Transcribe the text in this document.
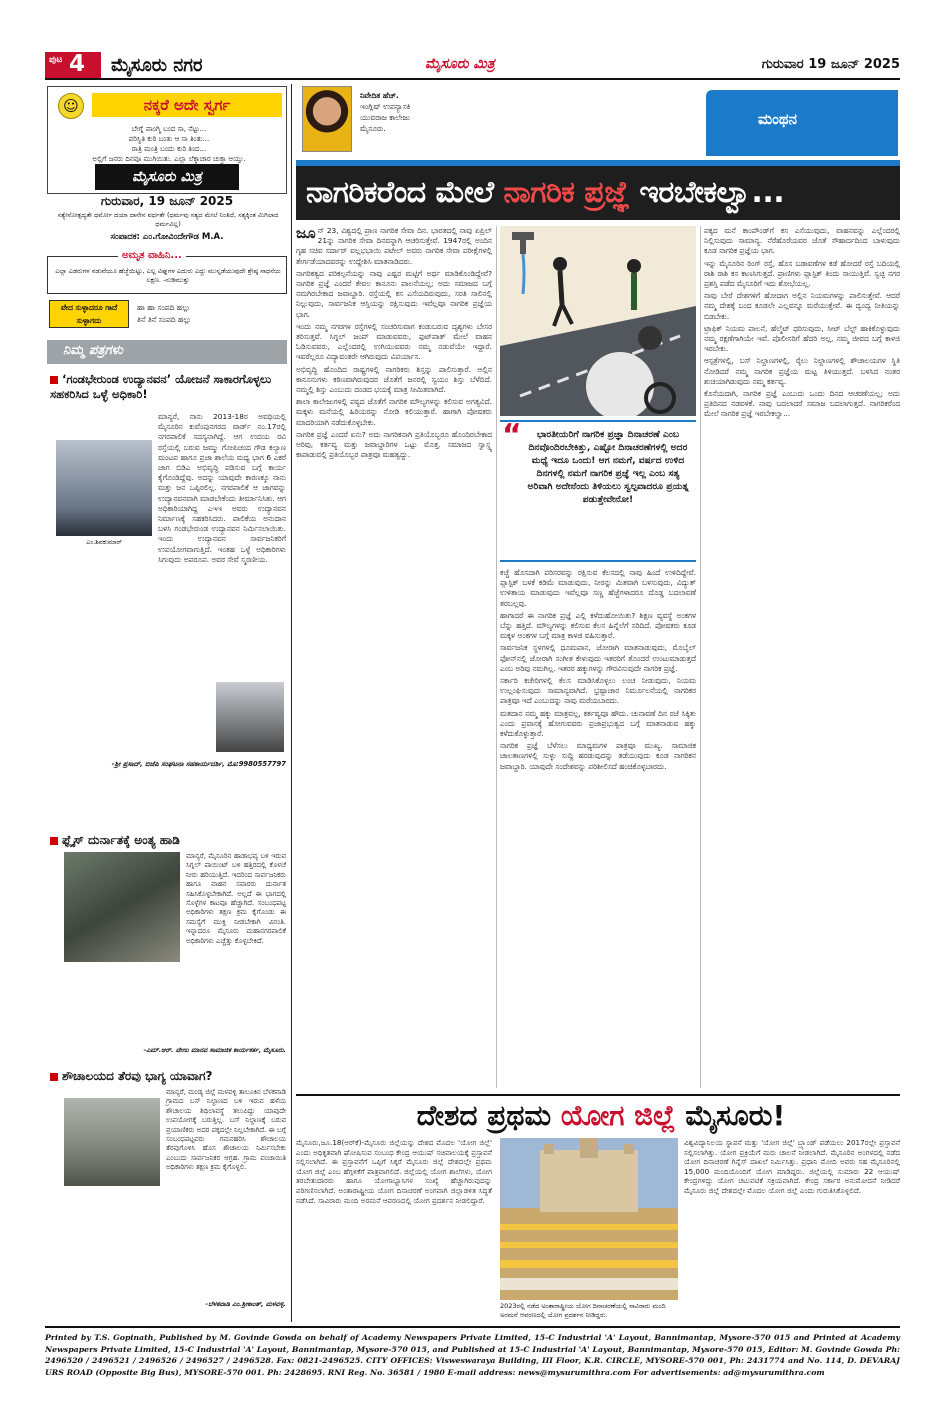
ಪುಟ 4 ಮೈಸೂರು ನಗರ	ಮೈಸೂರು ಮಿತ್ರ	ಗುರುವಾರ 19 ಜೂನ್ 2025
☺	ನಕ್ಕರೆ ಅದೇ ಸ್ವರ್ಗ
ಬೇಗ್ನೆ ಪಾಂಗ್ಮಿ ಬಂದ ಸಾ, ನೆಟ್ಟು...
ಪರಿಸ್ಥಿತಿ ಕುರಿ ಬಂತು ಆ ಸಾ ತಿಂತು...
ರಾತ್ರಿ ಮಂತ್ರಿ ಬಂದು ಕುರಿ ತಿಂದ...
ಅಲ್ಲಿಗೆ ಜನರು ದಿನವೂ ಮುಗಿಯಿತು. ಎಲ್ಲಾ ಲೆಕ್ಕಾಚಾರ ಚುಕ್ತಾ ಆಯ್ತು.
ಮೈಸೂರು ಮಿತ್ರ
ಗುರುವಾರ, 19 ಜೂನ್ 2025
ಸತ್ಯೇನೋತ್ಪದ್ಯತೇ ಧರ್ಮೋ ದಯಾ ದಾನೇನ ವರ್ಧತೇ (ಧರ್ಮವು ಸತ್ಯದ ಮೇಲೆ ನಿಂತಿದೆ, ಸತ್ಯಕ್ಕಿಂತ ಮಿಗಿಲಾದ ಧರ್ಮವಿಲ್ಲ)
ಸಂಪಾದಕ: ಎಂ.ಗೋವಿಂದೇಗೌಡ M.A.
ಅಮೃತ ವಾಹಿನಿ...
ಎಲ್ಲಾ ಎಡರುಗಳ ನಡುವೆಯೂ ಹೆಜ್ಜೆಯಿಟ್ಟು, ಎಲ್ಲ ವಿಘ್ನಗಳ ಎದುರು ಎದ್ದು ಮುನ್ನಡೆಯುವುದೇ ಶ್ರೇಷ್ಠ ಸಾಧನೆಯ ಲಕ್ಷಣ. -ನುಡಿಮುತ್ತು
ವೇದ ಸುಳ್ಳಾದರೂ ಗಾದೆ ಸುಳ್ಳಾಗದು
ಹಾ ಹಾ ಸಂಪದಿ ಹಲ್ಲು
ತಿನೆ ತಿನೆ ಸಂಪದಿ ಹಲ್ಲು
ನಿಮ್ಮ ಪತ್ರಗಳು
‘ಗಂಡಭೇರುಂಡ ಉದ್ಯಾನವನ’ ಯೋಜನೆ ಸಾಕಾರಗೊಳ್ಳಲು ಸಹಕರಿಸಿದ ಒಳ್ಳೆ ಅಧಿಕಾರಿ!
ಎಂ.ಶಿವಕುಮಾರ್

ಮಾನ್ಯರೆ, ನಾನು 2013-18ರ ಅವಧಿಯಲ್ಲಿ ಮೈಸೂರಿನ ಕುವೆಂಪುನಗರದ ವಾರ್ಡ್ ನಂ.17ರಲ್ಲಿ ನಗರಪಾಲಿಕೆ ಸದಸ್ಯನಾಗಿದ್ದೆ. ಆಗ ಉದಯ ರವಿ ರಸ್ತೆಯಲ್ಲಿ ಬರುವ ಜಮ್ಮು ಗೋಪಿಚಂದ ಗೌಡ ಕಲ್ಯಾಣ ಮಂಟಪ ಹಾಗೂ ಪ್ರಜಾ ಶಾಲೆಯ ಮಧ್ಯ ಭಾಗ 6 ಎಕರೆ ಜಾಗ ಬಿಡಿಎ ಅಭಿವೃದ್ಧಿ ಪಡಿಸುವ ಬಗ್ಗೆ ಕಾರ್ಯ ಕೈಗೊಂಡಿದ್ದೆವು. ಅದನ್ನು ಯಾವುದೇ ಕಾರಣಕ್ಕೂ ನಾನು ಮತ್ತು ಜನ ಒಪ್ಪಿರಲಿಲ್ಲ. ನಗರಪಾಲಿಕೆ ಆ ಜಾಗವನ್ನು ಉದ್ಯಾನವನವಾಗಿ ಮಾಡಬೇಕೆಂದು ತೀರ್ಮಾನಿಸಿತು. ಆಗ ಅಧಿಕಾರಿಯಾಗಿದ್ದ ಎಇಇ ಅವರು ಉದ್ಯಾನವನ ನಿರ್ಮಾಣಕ್ಕೆ ಸಹಕರಿಸಿದರು. ಪಾಲಿಕೆಯ ಅನುದಾನ ಬಳಸಿ ಗಂಡಭೇರುಂಡ ಉದ್ಯಾನವನ ನಿರ್ಮಿಸಲಾಯಿತು. ಇಂದು ಉದ್ಯಾನವನ ಸಾರ್ವಜನಿಕರಿಗೆ ಉಪಯೋಗವಾಗುತ್ತಿದೆ. ಇಂತಹ ಒಳ್ಳೆ ಅಧಿಕಾರಿಗಳು ಸಿಗುವುದು ಅಪರೂಪ. ಅವರ ಸೇವೆ ಸ್ಮರಣೀಯ.

-ಶ್ರೀ ಪ್ರಸಾದ್, ಬಿಜೆಪಿ ಸಂಘಟನಾ ಸಹಕಾರ್ಯದರ್ಶಿ, ಮೊ:9980557797
ಫ್ಲೈಸ್ ದುರ್ನಾತಕ್ಕೆ ಅಂತ್ಯ ಹಾಡಿ

ಮಾನ್ಯರೆ, ಮೈಸೂರಿನ ಹಾಡಾಭವ್ಯ ಬಳಿ ಇರುವ ಸಿಗ್ನಲ್ ಪಾಯಿಂಟ್ ಬಳಿ ಹತ್ತಿರದಲ್ಲಿ ಕೊಳಚೆ ನೀರು ಹರಿಯುತ್ತಿದೆ. ಇದರಿಂದ ಸಾರ್ವಜನಿಕರು ಹಾಗೂ ವಾಹನ ಸವಾರರು ದುರ್ನಾತ ಸಹಿಸಿಕೊಳ್ಳಬೇಕಾಗಿದೆ. ಅಲ್ಲದೆ ಈ ಭಾಗದಲ್ಲಿ ಸೊಳ್ಳೆಗಳ ಕಾಟವೂ ಹೆಚ್ಚಾಗಿದೆ. ಸಂಬಂಧಪಟ್ಟ ಅಧಿಕಾರಿಗಳು ತಕ್ಷಣ ಕ್ರಮ ಕೈಗೊಂಡು ಈ ಸಮಸ್ಯೆಗೆ ಮುಕ್ತಿ ನೀಡಬೇಕಾಗಿ ವಿನಂತಿ. ಇನ್ನಾದರೂ ಮೈಸೂರು ಮಹಾನಗರಪಾಲಿಕೆ ಅಧಿಕಾರಿಗಳು ಎಚ್ಚೆತ್ತು ಕೊಳ್ಳಬೇಕಿದೆ.

-ಎಮ್.ಆರ್. ವೇಣು ಮಾನವ ಸಾಮಾಜಿಕ ಕಾರ್ಯಕರ್ತ, ಮೈಸೂರು.
ಶೌಚಾಲಯದ ತೆರವು ಭಾಗ್ಯ ಯಾವಾಗ?

ಮಾನ್ಯರೆ, ಮಂಡ್ಯ ಜಿಲ್ಲೆ ಮಳವಳ್ಳಿ ತಾಲೂಕಿನ ಬೆಳಕವಾಡಿ ಗ್ರಾಮದ ಬಸ್ ನಿಲ್ದಾಣದ ಬಳಿ ಇರುವ ಹಳೆಯ ಶೌಚಾಲಯ ಶಿಥಿಲಾವಸ್ಥೆ ತಲುಪಿದ್ದು ಯಾವುದೇ ಉಪಯೋಗಕ್ಕೆ ಬರುತ್ತಿಲ್ಲ. ಬಸ್ ನಿಲ್ದಾಣಕ್ಕೆ ಬರುವ ಪ್ರಯಾಣಿಕರು ಅದರ ಪಕ್ಕದಲ್ಲೇ ನಿಲ್ಲಬೇಕಾಗಿದೆ. ಈ ಬಗ್ಗೆ ಸಂಬಂಧಪಟ್ಟವರು ಗಮನಹರಿಸಿ ಶೌಚಾಲಯ ತೆರವುಗೊಳಿಸಿ ಹೊಸ ಶೌಚಾಲಯ ನಿರ್ಮಿಸಬೇಕು ಎಂಬುದು ಸಾರ್ವಜನಿಕರ ಆಗ್ರಹ. ಗ್ರಾಮ ಪಂಚಾಯಿತಿ ಅಧಿಕಾರಿಗಳು ತಕ್ಷಣ ಕ್ರಮ ಕೈಗೊಳ್ಳಲಿ.

-ಬೆಳಕವಾಡಿ ಎಂ.ಶ್ರೀಕಾಂತ್, ಮಳವಳ್ಳಿ.
ನಿವೇದಿತ ಹೆಚ್.
ಇಂಗ್ಲಿಷ್ ಉಪನ್ಯಾಸಕಿ
ಯುವರಾಜ ಕಾಲೇಜು
ಮೈಸೂರು.
ಮಂಥನ
ನಾಗರಿಕರೆಂದ ಮೇಲೆ ನಾಗರಿಕ ಪ್ರಜ್ಞೆ ಇರಬೇಕಲ್ವಾ...

ಜೂನ್ 23, ವಿಶ್ವದಲ್ಲಿ ಪ್ರಾಣ ನಾಗರಿಕ ಸೇವಾ ದಿನ. ಭಾರತದಲ್ಲಿ ನಾವು ಏಪ್ರಿಲ್ 21ನ್ನು ನಾಗರಿಕ ಸೇವಾ ದಿನವನ್ನಾಗಿ ಆಚರಿಸುತ್ತೇವೆ. 1947ರಲ್ಲಿ ಅಂದಿನ ಗೃಹ ಸಚಿವ ಸರ್ದಾರ್ ವಲ್ಲಭಭಾಯಿ ಪಟೇಲ್ ಅವರು ನಾಗರಿಕ ಸೇವಾ ಪರೀಕ್ಷೆಗಳಲ್ಲಿ ತೇರ್ಗಡೆಯಾದವರನ್ನು ಉದ್ದೇಶಿಸಿ ಮಾತನಾಡಿದರು.

ನಾಗರಿಕತ್ವದ ಪರಿಕಲ್ಪನೆಯನ್ನು ನಾವು ಎಷ್ಟರ ಮಟ್ಟಿಗೆ ಅರ್ಥ ಮಾಡಿಕೊಂಡಿದ್ದೇವೆ? ನಾಗರಿಕ ಪ್ರಜ್ಞೆ ಎಂದರೆ ಕೇವಲ ಕಾನೂನು ಪಾಲನೆಯಲ್ಲ; ಅದು ಸಮಾಜದ ಬಗ್ಗೆ ನಮಗಿರಬೇಕಾದ ಜವಾಬ್ದಾರಿ. ರಸ್ತೆಯಲ್ಲಿ ಕಸ ಎಸೆಯದಿರುವುದು, ಸರತಿ ಸಾಲಿನಲ್ಲಿ ನಿಲ್ಲುವುದು, ಸಾರ್ವಜನಿಕ ಆಸ್ತಿಯನ್ನು ರಕ್ಷಿಸುವುದು ಇವೆಲ್ಲವೂ ನಾಗರಿಕ ಪ್ರಜ್ಞೆಯ ಭಾಗ.

ಇಂದು ನಮ್ಮ ನಗರಗಳ ರಸ್ತೆಗಳಲ್ಲಿ ಸಂಚರಿಸುವಾಗ ಕಂಡುಬರುವ ದೃಶ್ಯಗಳು ಬೇಸರ ತರಿಸುತ್ತವೆ. ಸಿಗ್ನಲ್ ಜಂಪ್ ಮಾಡುವವರು, ಫುಟ್‌ಪಾತ್ ಮೇಲೆ ವಾಹನ ಓಡಿಸುವವರು, ಎಲ್ಲೆಂದರಲ್ಲಿ ಉಗಿಯುವವರು ನಮ್ಮ ನಡುವೆಯೇ ಇದ್ದಾರೆ. ಇವರೆಲ್ಲರೂ ವಿದ್ಯಾವಂತರೇ ಆಗಿರುವುದು ವಿಪರ್ಯಾಸ.

ಅಭಿವೃದ್ಧಿ ಹೊಂದಿದ ರಾಷ್ಟ್ರಗಳಲ್ಲಿ ನಾಗರಿಕರು ಶಿಸ್ತನ್ನು ಪಾಲಿಸುತ್ತಾರೆ. ಅಲ್ಲಿನ ಕಾನೂನುಗಳು ಕಠಿಣವಾಗಿರುವುದರ ಜೊತೆಗೆ ಜನರಲ್ಲಿ ಸ್ವಯಂ ಶಿಸ್ತು ಬೆಳೆದಿದೆ. ನಮ್ಮಲ್ಲಿ ಶಿಸ್ತು ಎಂಬುದು ದಂಡದ ಭಯಕ್ಕೆ ಮಾತ್ರ ಸೀಮಿತವಾಗಿದೆ.

ಶಾಲಾ ಕಾಲೇಜುಗಳಲ್ಲಿ ಪಠ್ಯದ ಜೊತೆಗೆ ನಾಗರಿಕ ಮೌಲ್ಯಗಳನ್ನು ಕಲಿಸುವ ಅಗತ್ಯವಿದೆ. ಮಕ್ಕಳು ಮನೆಯಲ್ಲಿ ಹಿರಿಯರನ್ನು ನೋಡಿ ಕಲಿಯುತ್ತಾರೆ. ಹಾಗಾಗಿ ಪೋಷಕರು ಮಾದರಿಯಾಗಿ ನಡೆದುಕೊಳ್ಳಬೇಕು.

ನಾಗರಿಕ ಪ್ರಜ್ಞೆ ಎಂದರೆ ಏನು? ಅದು ನಾಗರಿಕನಾಗಿ ಪ್ರತಿಯೊಬ್ಬರೂ ಹೊಂದಿರಬೇಕಾದ ಅರಿವು, ಕರ್ತವ್ಯ ಮತ್ತು ಜವಾಬ್ದಾರಿಗಳ ಒಟ್ಟು ಮೊತ್ತ. ಸಮಾಜದ ಸ್ವಾಸ್ಥ್ಯ ಕಾಪಾಡುವಲ್ಲಿ ಪ್ರತಿಯೊಬ್ಬರ ಪಾತ್ರವೂ ಮಹತ್ವದ್ದು.

“	ಭಾರತೀಯರಿಗೆ ನಾಗರಿಕ ಪ್ರಜ್ಞಾ ದಿನಾಚರಣೆ ಎಂಬ ದಿನವೊಂದಿರಬೇಕಿತ್ತು, ಎಷ್ಟೋ ದಿನಾಚರಣೆಗಳಲ್ಲಿ ಅದರ ಮಧ್ಯೆ ಇದೂ ಒಂದು! ಆಗ ನಮಗೆ, ವರ್ಷದ ಉಳಿದ ದಿನಗಳಲ್ಲಿ ನಮಗೆ ನಾಗರಿಕ ಪ್ರಜ್ಞೆ ಇಲ್ಲ ಎಂಬ ಸತ್ಯ ಅರಿವಾಗಿ ಅದೇನೆಂದು ತಿಳಿಯಲು ಸ್ವಲ್ಪವಾದರೂ ಪ್ರಯತ್ನ ಪಡುತ್ತೇವೇನೋ!

ಕಚ್ಚೆ ಹೊಸದಾಗಿ ಪರಿಸರವನ್ನು ರಕ್ಷಿಸುವ ಕೆಲಸದಲ್ಲಿ ನಾವು ಹಿಂದೆ ಉಳಿದಿದ್ದೇವೆ. ಪ್ಲಾಸ್ಟಿಕ್ ಬಳಕೆ ಕಡಿಮೆ ಮಾಡುವುದು, ನೀರನ್ನು ಮಿತವಾಗಿ ಬಳಸುವುದು, ವಿದ್ಯುತ್ ಉಳಿತಾಯ ಮಾಡುವುದು ಇವೆಲ್ಲವೂ ಸಣ್ಣ ಹೆಜ್ಜೆಗಳಾದರೂ ದೊಡ್ಡ ಬದಲಾವಣೆ ತರಬಲ್ಲವು.

ಹಾಗಾದರೆ ಈ ನಾಗರಿಕ ಪ್ರಜ್ಞೆ ಎಲ್ಲಿ ಕಳೆದುಹೋಯಿತು? ಶಿಕ್ಷಣ ವ್ಯವಸ್ಥೆ ಅಂಕಗಳ ಬೆನ್ನು ಹತ್ತಿದೆ. ಮೌಲ್ಯಗಳನ್ನು ಕಲಿಸುವ ಕೆಲಸ ಹಿನ್ನೆಲೆಗೆ ಸರಿದಿದೆ. ಪೋಷಕರು ಕೂಡ ಮಕ್ಕಳ ಅಂಕಗಳ ಬಗ್ಗೆ ಮಾತ್ರ ಕಾಳಜಿ ವಹಿಸುತ್ತಾರೆ.

ಸಾರ್ವಜನಿಕ ಸ್ಥಳಗಳಲ್ಲಿ ಧೂಮಪಾನ, ಜೋರಾಗಿ ಮಾತನಾಡುವುದು, ಮೊಬೈಲ್ ಫೋನ್‌ನಲ್ಲಿ ಜೋರಾಗಿ ಸಂಗೀತ ಕೇಳುವುದು ಇತರರಿಗೆ ತೊಂದರೆ ಉಂಟುಮಾಡುತ್ತದೆ ಎಂಬ ಅರಿವು ನಮಗಿಲ್ಲ. ಇತರರ ಹಕ್ಕುಗಳನ್ನು ಗೌರವಿಸುವುದೇ ನಾಗರಿಕ ಪ್ರಜ್ಞೆ.

ಸರ್ಕಾರಿ ಕಚೇರಿಗಳಲ್ಲಿ ಕೆಲಸ ಮಾಡಿಸಿಕೊಳ್ಳಲು ಲಂಚ ನೀಡುವುದು, ನಿಯಮ ಉಲ್ಲಂಘಿಸುವುದು ಸಾಮಾನ್ಯವಾಗಿದೆ. ಭ್ರಷ್ಟಾಚಾರ ನಿರ್ಮೂಲನೆಯಲ್ಲಿ ನಾಗರಿಕರ ಪಾತ್ರವೂ ಇದೆ ಎಂಬುದನ್ನು ನಾವು ಮರೆಯಬಾರದು.

ಮತದಾನ ನಮ್ಮ ಹಕ್ಕು ಮಾತ್ರವಲ್ಲ, ಕರ್ತವ್ಯವೂ ಹೌದು. ಚುನಾವಣೆ ದಿನ ರಜೆ ಸಿಕ್ಕಿತು ಎಂದು ಪ್ರವಾಸಕ್ಕೆ ಹೋಗುವವರು ಪ್ರಜಾಪ್ರಭುತ್ವದ ಬಗ್ಗೆ ಮಾತನಾಡುವ ಹಕ್ಕು ಕಳೆದುಕೊಳ್ಳುತ್ತಾರೆ.

ನಾಗರಿಕ ಪ್ರಜ್ಞೆ ಬೆಳೆಸಲು ಮಾಧ್ಯಮಗಳ ಪಾತ್ರವೂ ಮುಖ್ಯ. ಸಾಮಾಜಿಕ ಜಾಲತಾಣಗಳಲ್ಲಿ ಸುಳ್ಳು ಸುದ್ದಿ ಹರಡುವುದನ್ನು ತಡೆಯುವುದು ಕೂಡ ನಾಗರಿಕನ ಜವಾಬ್ದಾರಿ. ಯಾವುದೇ ಸಂದೇಶವನ್ನು ಪರಿಶೀಲಿಸದೆ ಹಂಚಿಕೊಳ್ಳಬಾರದು.

ಪಕ್ಕದ ಮನೆ ಕಾಂಪೌಂಡ್‌ಗೆ ಕಸ ಎಸೆಯುವುದು, ವಾಹನವನ್ನು ಎಲ್ಲೆಂದರಲ್ಲಿ ನಿಲ್ಲಿಸುವುದು ಸಾಮಾನ್ಯ. ನೆರೆಹೊರೆಯವರ ಜೊತೆ ಸೌಹಾರ್ದದಿಂದ ಬಾಳುವುದು ಕೂಡ ನಾಗರಿಕ ಪ್ರಜ್ಞೆಯ ಭಾಗ.

ಇನ್ನು ಮೈಸೂರಿನ ರಿಂಗ್ ರಸ್ತೆ, ಹೊಸ ಬಡಾವಣೆಗಳ ಕಡೆ ಹೋದರೆ ರಸ್ತೆ ಬದಿಯಲ್ಲಿ ರಾಶಿ ರಾಶಿ ಕಸ ಕಾಣಸಿಗುತ್ತದೆ. ಪ್ರಾಣಿಗಳು ಪ್ಲಾಸ್ಟಿಕ್ ತಿಂದು ಸಾಯುತ್ತಿವೆ. ಸ್ವಚ್ಛ ನಗರ ಪ್ರಶಸ್ತಿ ಪಡೆದ ಮೈಸೂರಿಗೆ ಇದು ಶೋಭೆಯಲ್ಲ.

ನಾವು ಬೇರೆ ದೇಶಗಳಿಗೆ ಹೋದಾಗ ಅಲ್ಲಿನ ನಿಯಮಗಳನ್ನು ಪಾಲಿಸುತ್ತೇವೆ. ಆದರೆ ನಮ್ಮ ದೇಶಕ್ಕೆ ಬಂದ ಕೂಡಲೇ ಎಲ್ಲವನ್ನೂ ಮರೆಯುತ್ತೇವೆ. ಈ ದ್ವಂದ್ವ ನೀತಿಯನ್ನು ಬಿಡಬೇಕು.

ಟ್ರಾಫಿಕ್ ನಿಯಮ ಪಾಲನೆ, ಹೆಲ್ಮೆಟ್ ಧರಿಸುವುದು, ಸೀಟ್ ಬೆಲ್ಟ್ ಹಾಕಿಕೊಳ್ಳುವುದು ನಮ್ಮ ರಕ್ಷಣೆಗಾಗಿಯೇ ಇವೆ. ಪೊಲೀಸರಿಗೆ ಹೆದರಿ ಅಲ್ಲ, ನಮ್ಮ ಜೀವದ ಬಗ್ಗೆ ಕಾಳಜಿ ಇರಬೇಕು.

ಆಸ್ಪತ್ರೆಗಳಲ್ಲಿ, ಬಸ್ ನಿಲ್ದಾಣಗಳಲ್ಲಿ, ರೈಲು ನಿಲ್ದಾಣಗಳಲ್ಲಿ ಶೌಚಾಲಯಗಳ ಸ್ಥಿತಿ ನೋಡಿದರೆ ನಮ್ಮ ನಾಗರಿಕ ಪ್ರಜ್ಞೆಯ ಮಟ್ಟ ತಿಳಿಯುತ್ತದೆ. ಬಳಸಿದ ನಂತರ ಶುಚಿಯಾಗಿಡುವುದು ನಮ್ಮ ಕರ್ತವ್ಯ.

ಕೊನೆಯದಾಗಿ, ನಾಗರಿಕ ಪ್ರಜ್ಞೆ ಎಂಬುದು ಒಂದು ದಿನದ ಆಚರಣೆಯಲ್ಲ; ಅದು ಪ್ರತಿದಿನದ ನಡವಳಿಕೆ. ನಾವು ಬದಲಾದರೆ ಸಮಾಜ ಬದಲಾಗುತ್ತದೆ. ನಾಗರಿಕರೆಂದ ಮೇಲೆ ನಾಗರಿಕ ಪ್ರಜ್ಞೆ ಇರಬೇಕಲ್ವಾ...

ದೇಶದ ಪ್ರಥಮ ಯೋಗ ಜಿಲ್ಲೆ ಮೈಸೂರು!

ಮೈಸೂರು,ಜೂ.18(ಆರ್‌ಕೆ)-ಮೈಸೂರು ಜಿಲ್ಲೆಯನ್ನು ದೇಶದ ಮೊದಲ 'ಯೋಗ ಜಿಲ್ಲೆ' ಎಂದು ಅಧಿಕೃತವಾಗಿ ಘೋಷಿಸುವ ಸಂಬಂಧ ಕೇಂದ್ರ ಆಯುಷ್ ಸಚಿವಾಲಯಕ್ಕೆ ಪ್ರಸ್ತಾವನೆ ಸಲ್ಲಿಸಲಾಗಿದೆ. ಈ ಪ್ರಸ್ತಾವನೆಗೆ ಒಪ್ಪಿಗೆ ಸಿಕ್ಕರೆ ಮೈಸೂರು ಜಿಲ್ಲೆ ದೇಶದಲ್ಲೇ ಪ್ರಥಮ ಯೋಗ ಜಿಲ್ಲೆ ಎಂಬ ಹೆಗ್ಗಳಿಕೆಗೆ ಪಾತ್ರವಾಗಲಿದೆ. ಜಿಲ್ಲೆಯಲ್ಲಿ ಯೋಗ ಶಾಲೆಗಳು, ಯೋಗ ತರಬೇತುದಾರರು ಹಾಗೂ ಯೋಗಾಭ್ಯಾಸಿಗಳ ಸಂಖ್ಯೆ ಹೆಚ್ಚಾಗಿರುವುದನ್ನು ಪರಿಗಣಿಸಲಾಗಿದೆ. ಅಂತಾರಾಷ್ಟ್ರೀಯ ಯೋಗ ದಿನಾಚರಣೆ ಅಂಗವಾಗಿ ಜಿಲ್ಲಾಡಳಿತ ಸಿದ್ಧತೆ ನಡೆಸಿದೆ. ಸಾವಿರಾರು ಮಂದಿ ಅರಮನೆ ಆವರಣದಲ್ಲಿ ಯೋಗ ಪ್ರದರ್ಶನ ನೀಡಲಿದ್ದಾರೆ.

2023ರಲ್ಲಿ ನಡೆದ ಅಂತಾರಾಷ್ಟ್ರೀಯ ಯೋಗ ದಿನಾಚರಣೆಯಲ್ಲಿ ಸಾವಿರಾರು ಮಂದಿ ಅರಮನೆ ಆವರಣದಲ್ಲಿ ಯೋಗ ಪ್ರದರ್ಶನ ನೀಡಿದ್ದರು.

ವಿಶ್ವವಿದ್ಯಾನಿಲಯ ಸ್ಥಾಪನೆ ಮತ್ತು 'ಯೋಗ ಜಿಲ್ಲೆ' ಬ್ರ್ಯಾಂಡ್ ಪಡೆಯಲು 2017ರಲ್ಲೇ ಪ್ರಸ್ತಾವನೆ ಸಲ್ಲಿಸಲಾಗಿತ್ತು. ಯೋಗ ಪ್ರಕ್ರಿಯೆಗೆ ಮರು ಚಾಲನೆ ನೀಡಲಾಗಿದೆ. ಮೈಸೂರಿನ ಅಂಗಳದಲ್ಲಿ ನಡೆದ ಯೋಗ ದಿನಾಚರಣೆ ಗಿನ್ನೆಸ್ ದಾಖಲೆ ನಿರ್ಮಿಸಿತ್ತು. ಪ್ರಧಾನಿ ಮೋದಿ ಅವರು ಸಹ ಮೈಸೂರಿನಲ್ಲಿ 15,000 ಮಂದಿಯೊಂದಿಗೆ ಯೋಗ ಮಾಡಿದ್ದರು. ಜಿಲ್ಲೆಯಲ್ಲಿ ಸುಮಾರು 22 ಆಯುಷ್ ಕೇಂದ್ರಗಳಿದ್ದು ಯೋಗ ಚಟುವಟಿಕೆ ಸಕ್ರಿಯವಾಗಿದೆ. ಕೇಂದ್ರ ಸರ್ಕಾರ ಅನುಮೋದನೆ ನೀಡಿದರೆ ಮೈಸೂರು ಜಿಲ್ಲೆ ದೇಶದಲ್ಲೇ ಮೊದಲ ಯೋಗ ಜಿಲ್ಲೆ ಎಂದು ಗುರುತಿಸಿಕೊಳ್ಳಲಿದೆ.

Printed by T.S. Gopinath, Published by M. Govinde Gowda on behalf of Academy Newspapers Private Limited, 15-C Industrial 'A' Layout, Bannimantap, Mysore-570 015 and Printed at Academy Newspapers Private Limited, 15-C Industrial 'A' Layout, Bannimantap, Mysore-570 015, and Published at 15-C Industrial 'A' Layout, Bannimantap, Mysore-570 015, Editor: M. Govinde Gowda Ph: 2496520 / 2496521 / 2496526 / 2496527 / 2496528. Fax: 0821-2496525. CITY OFFICES: Visweswaraya Building, III Floor, K.R. CIRCLE, MYSORE-570 001, Ph: 2431774 and No. 114, D. DEVARAJ URS ROAD (Opposite Big Bus), MYSORE-570 001. Ph: 2428695. RNI Reg. No. 36581 / 1980 E-mail address: news@mysurumithra.com For advertisements: ad@mysurumithra.com
